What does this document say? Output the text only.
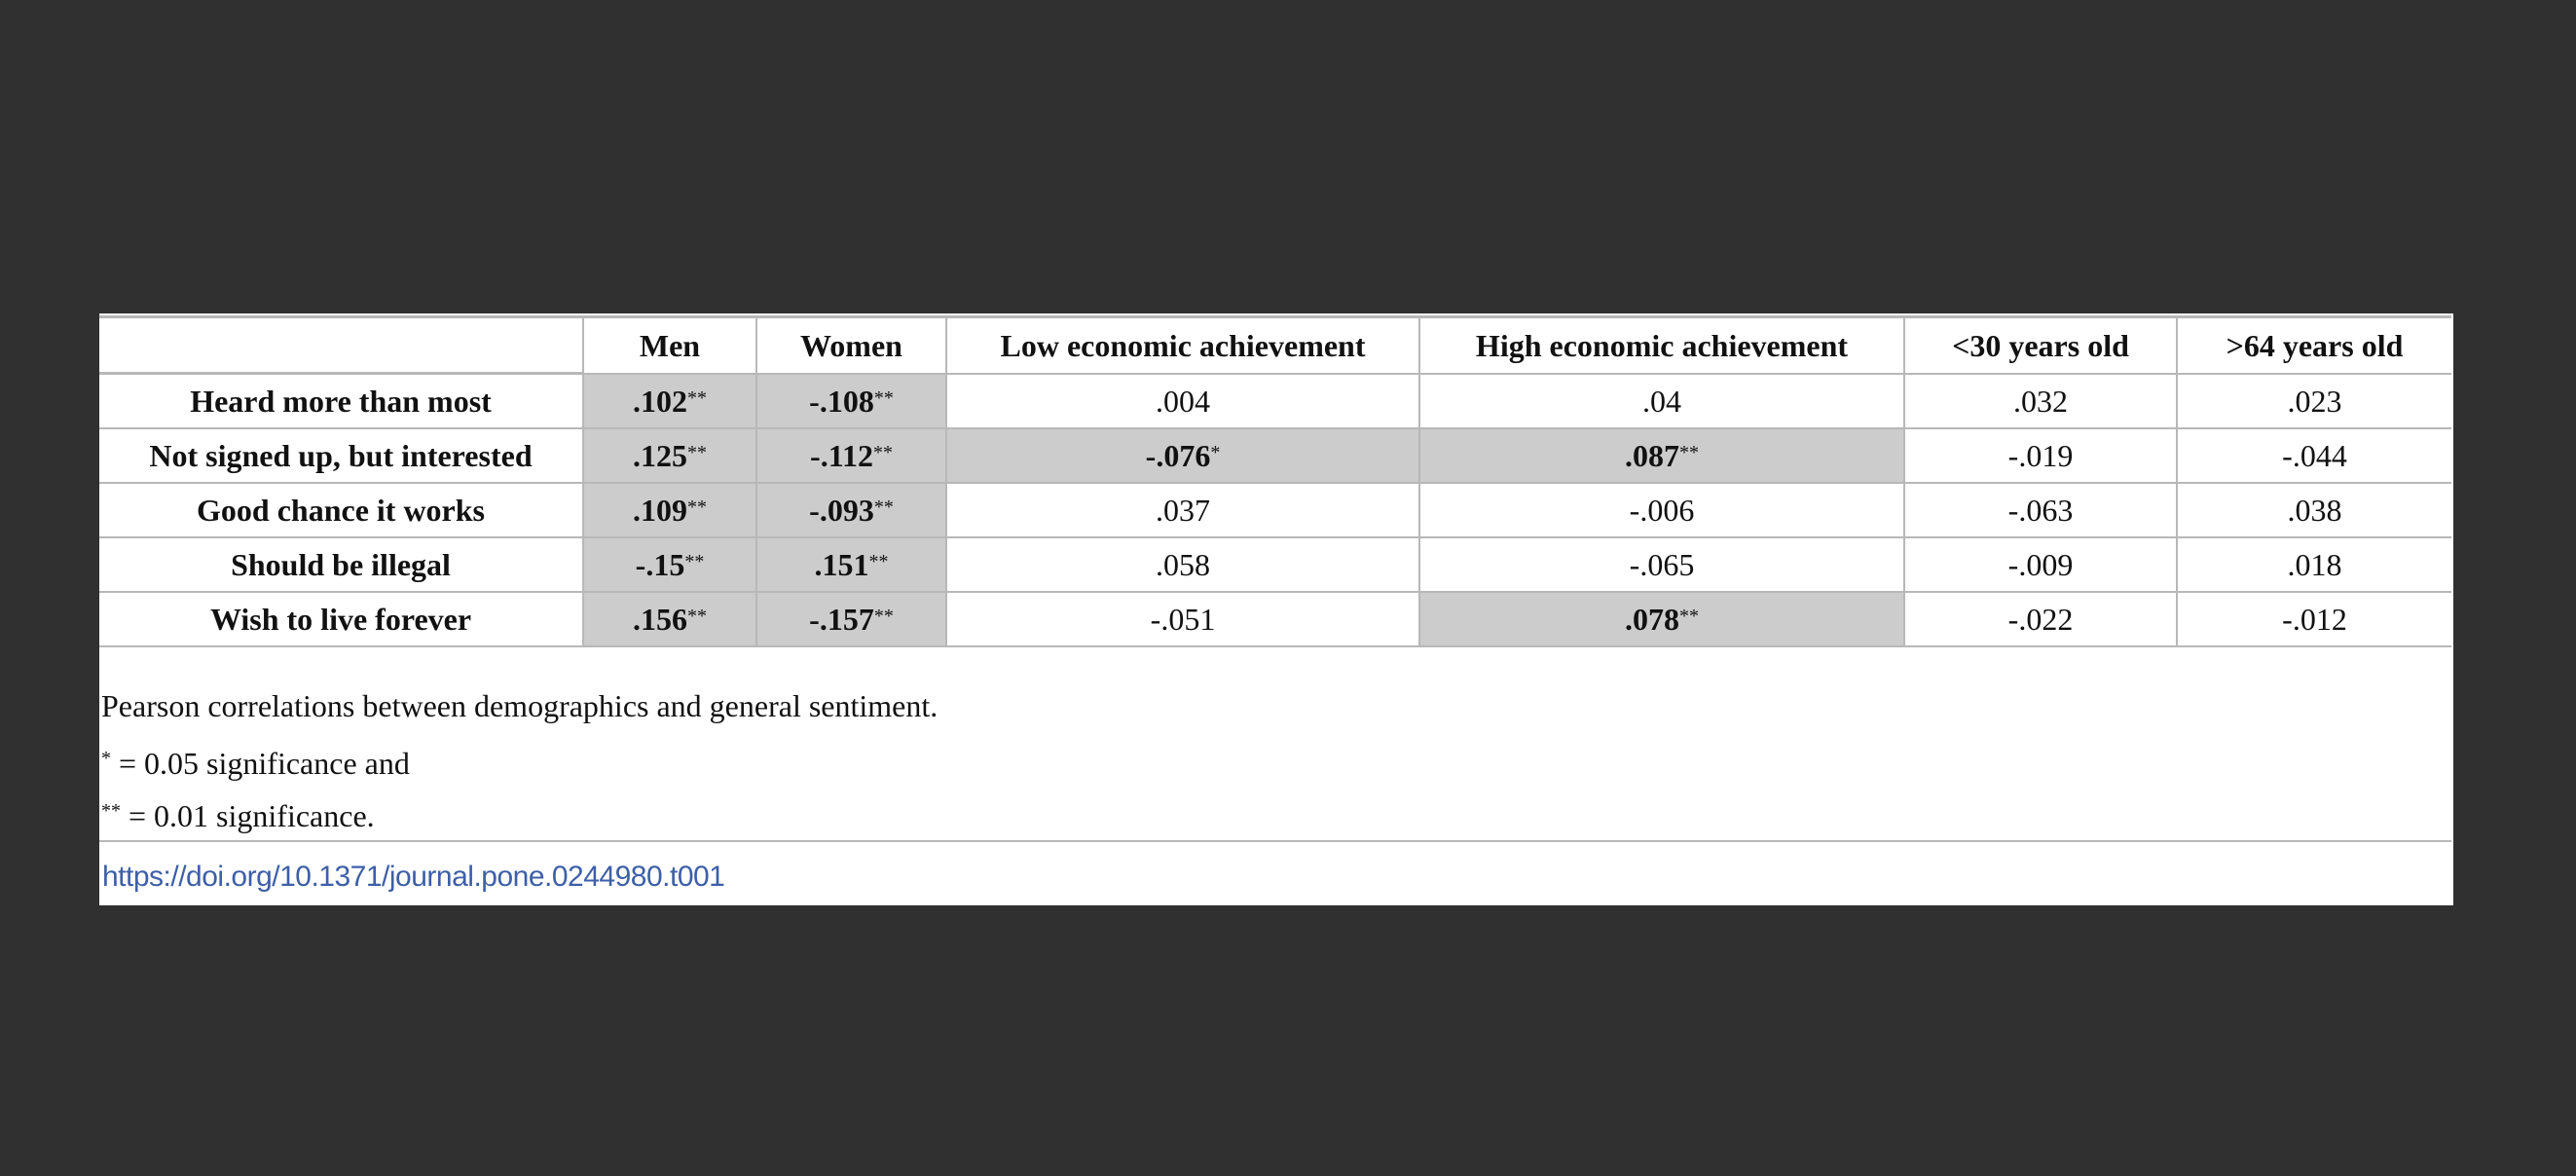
	Men	Women	Low economic achievement	High economic achievement	<30 years old	>64 years old
Heard more than most	.102**	-.108**	.004	.04	.032	.023
Not signed up, but interested	.125**	-.112**	-.076*	.087**	-.019	-.044
Good chance it works	.109**	-.093**	.037	-.006	-.063	.038
Should be illegal	-.15**	.151**	.058	-.065	-.009	.018
Wish to live forever	.156**	-.157**	-.051	.078**	-.022	-.012
Pearson correlations between demographics and general sentiment.
* = 0.05 significance and
** = 0.01 significance.
https://doi.org/10.1371/journal.pone.0244980.t001
